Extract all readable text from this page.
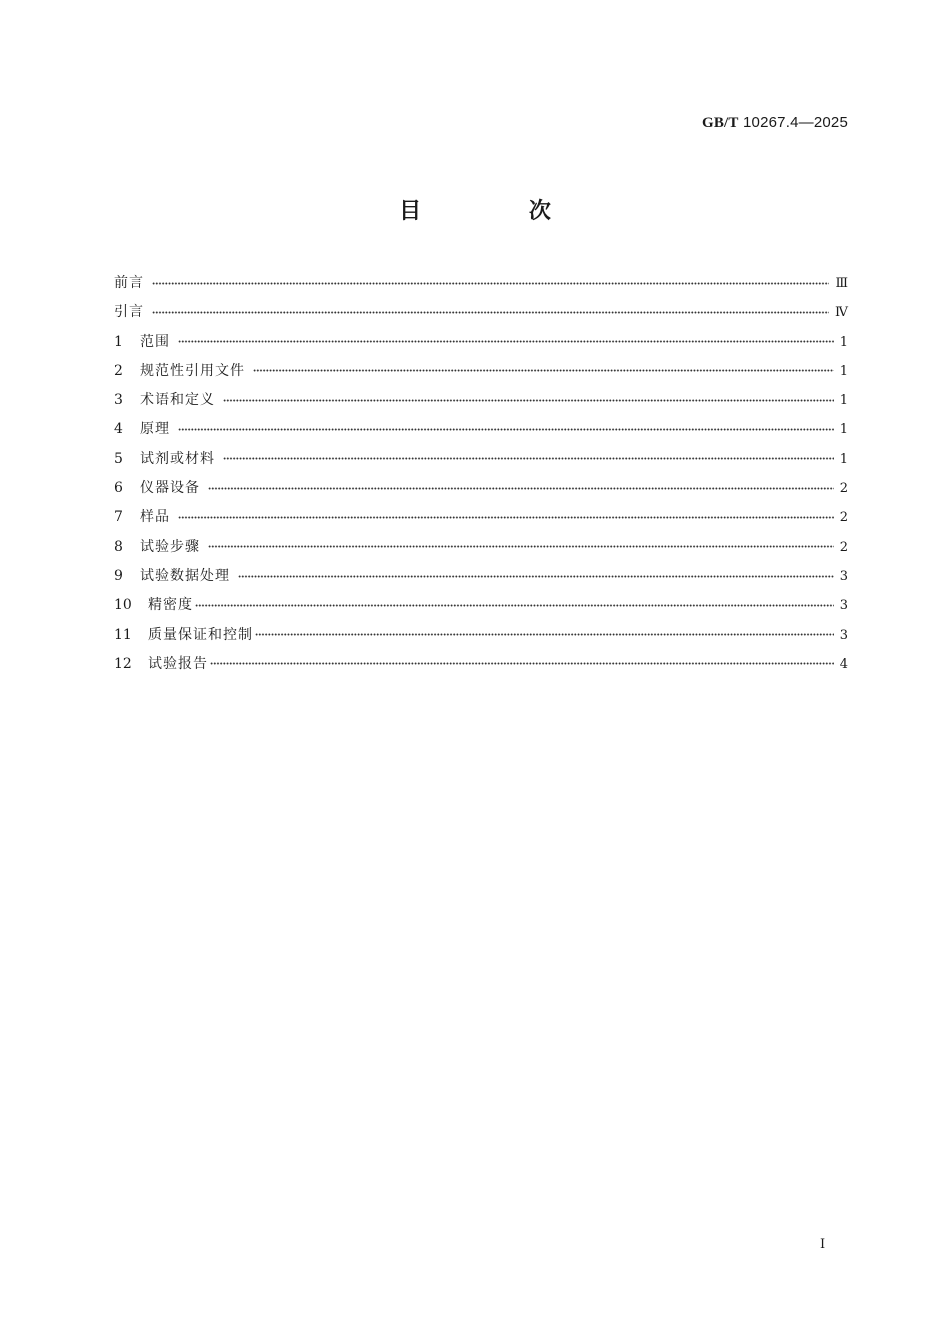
GB/T 10267.4—2025
目 次
前言	Ⅲ
引言	Ⅳ
1	范围	1
2	规范性引用文件	1
3	术语和定义	1
4	原理	1
5	试剂或材料	1
6	仪器设备	2
7	样品	2
8	试验步骤	2
9	试验数据处理	3
10	精密度	3
11	质量保证和控制	3
12	试验报告	4
I
